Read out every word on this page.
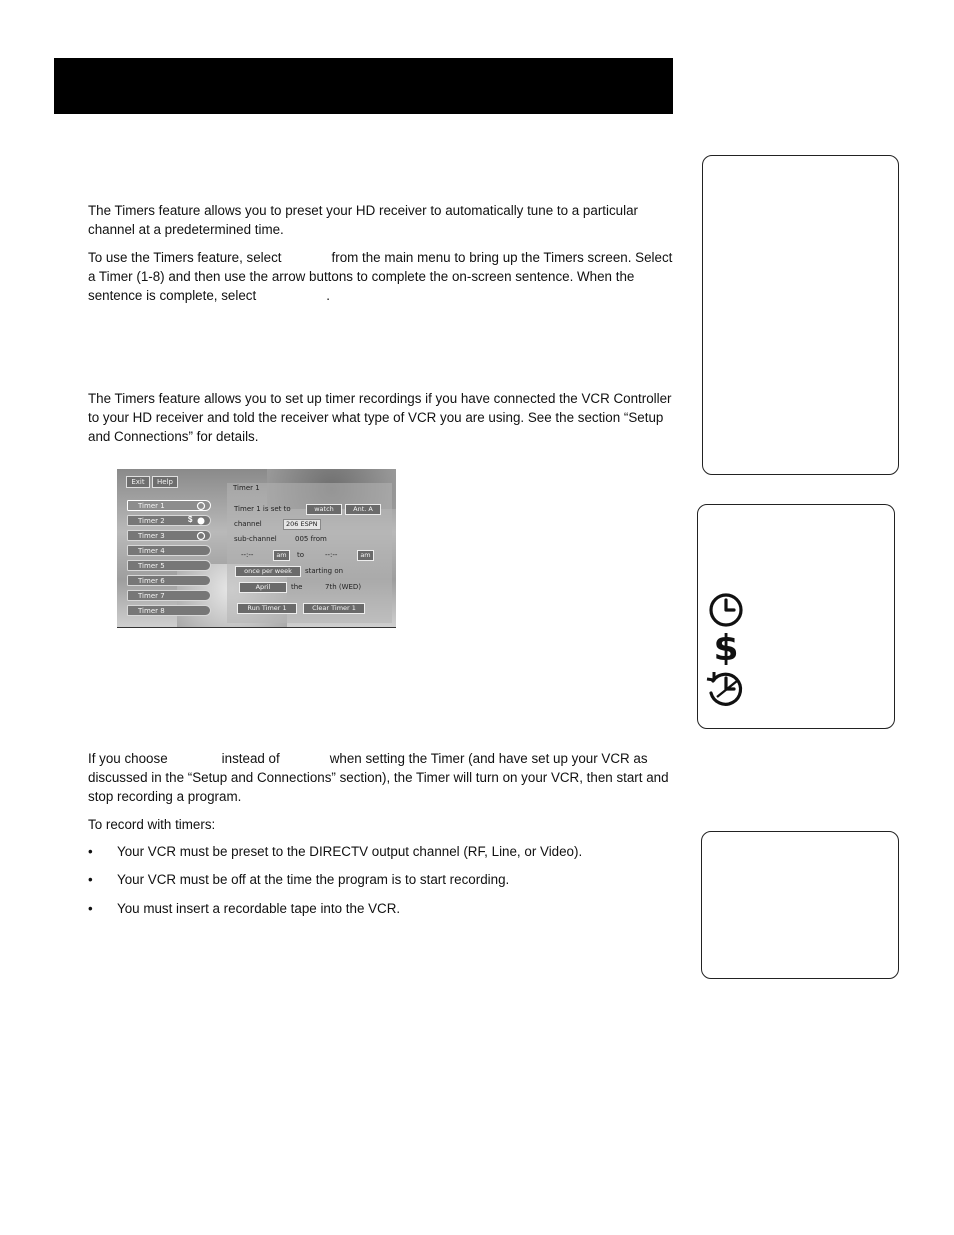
The Timers feature allows you to preset your HD receiver to automatically tune to a particular channel at a predetermined time.

To use the Timers feature, select	from the main menu to bring up the Timers screen. Select a Timer (1-8) and then use the arrow buttons to complete the on-screen sentence. When the sentence is complete, select	.

The Timers feature allows you to set up timer recordings if you have connected the VCR Controller to your HD receiver and told the receiver what type of VCR you are using. See the section “Setup and Connections” for details.

Exit	Help
Timer 1
Timer 2
Timer 3
Timer 4
Timer 5
Timer 6
Timer 7
Timer 8
$
Timer 1
Timer 1 is set to	watch	Ant. A
channel	206 ESPN
sub-channel	005 from
--:--	am	to	--:--	am
once per week	starting on
April	the	7th (WED)
Run Timer 1	Clear Timer 1

If you choose	instead of	when setting the Timer (and have set up your VCR as discussed in the “Setup and Connections” section), the Timer will turn on your VCR, then start and stop recording a program.

To record with timers:

• Your VCR must be preset to the DIRECTV output channel (RF, Line, or Video).
• Your VCR must be off at the time the program is to start recording.
• You must insert a recordable tape into the VCR.
$
